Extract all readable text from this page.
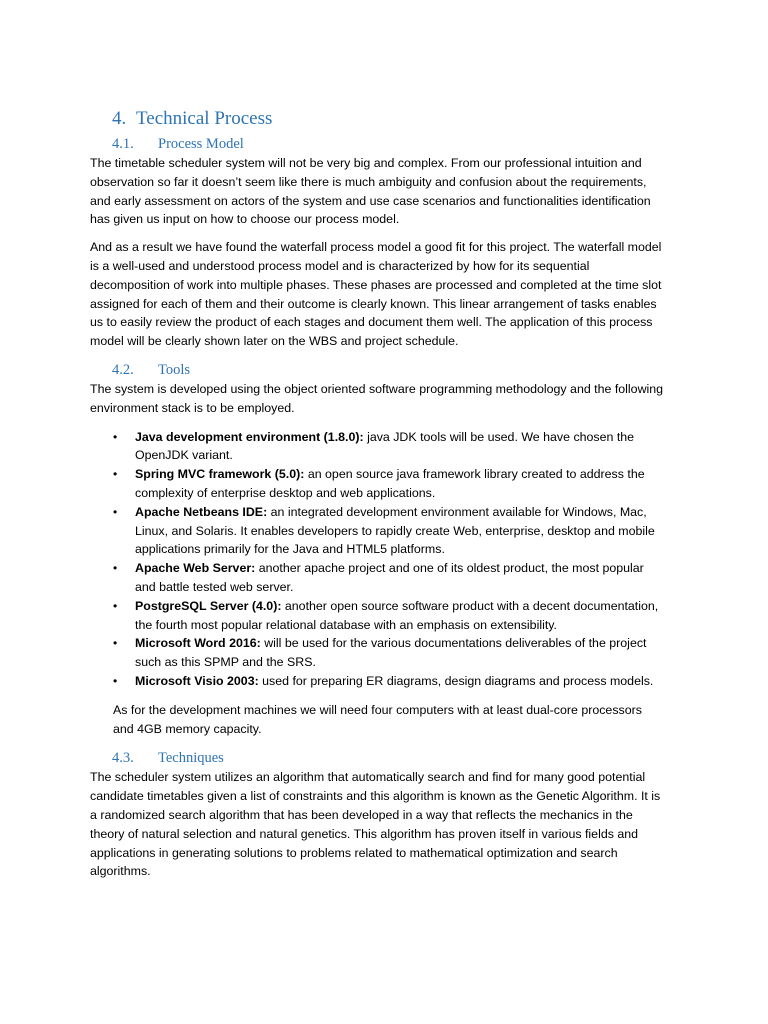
4. Technical Process
4.1. Process Model

The timetable scheduler system will not be very big and complex. From our professional intuition and observation so far it doesn’t seem like there is much ambiguity and confusion about the requirements, and early assessment on actors of the system and use case scenarios and functionalities identification has given us input on how to choose our process model.

And as a result we have found the waterfall process model a good fit for this project. The waterfall model is a well-used and understood process model and is characterized by how for its sequential decomposition of work into multiple phases. These phases are processed and completed at the time slot assigned for each of them and their outcome is clearly known. This linear arrangement of tasks enables us to easily review the product of each stages and document them well. The application of this process model will be clearly shown later on the WBS and project schedule.

4.2. Tools

The system is developed using the object oriented software programming methodology and the following environment stack is to be employed.

• Java development environment (1.8.0): java JDK tools will be used. We have chosen the OpenJDK variant.
• Spring MVC framework (5.0): an open source java framework library created to address the complexity of enterprise desktop and web applications.
• Apache Netbeans IDE: an integrated development environment available for Windows, Mac, Linux, and Solaris. It enables developers to rapidly create Web, enterprise, desktop and mobile applications primarily for the Java and HTML5 platforms.
• Apache Web Server: another apache project and one of its oldest product, the most popular and battle tested web server.
• PostgreSQL Server (4.0): another open source software product with a decent documentation, the fourth most popular relational database with an emphasis on extensibility.
• Microsoft Word 2016: will be used for the various documentations deliverables of the project such as this SPMP and the SRS.
• Microsoft Visio 2003: used for preparing ER diagrams, design diagrams and process models.

As for the development machines we will need four computers with at least dual-core processors and 4GB memory capacity.

4.3. Techniques

The scheduler system utilizes an algorithm that automatically search and find for many good potential candidate timetables given a list of constraints and this algorithm is known as the Genetic Algorithm. It is a randomized search algorithm that has been developed in a way that reflects the mechanics in the theory of natural selection and natural genetics. This algorithm has proven itself in various fields and applications in generating solutions to problems related to mathematical optimization and search algorithms.
